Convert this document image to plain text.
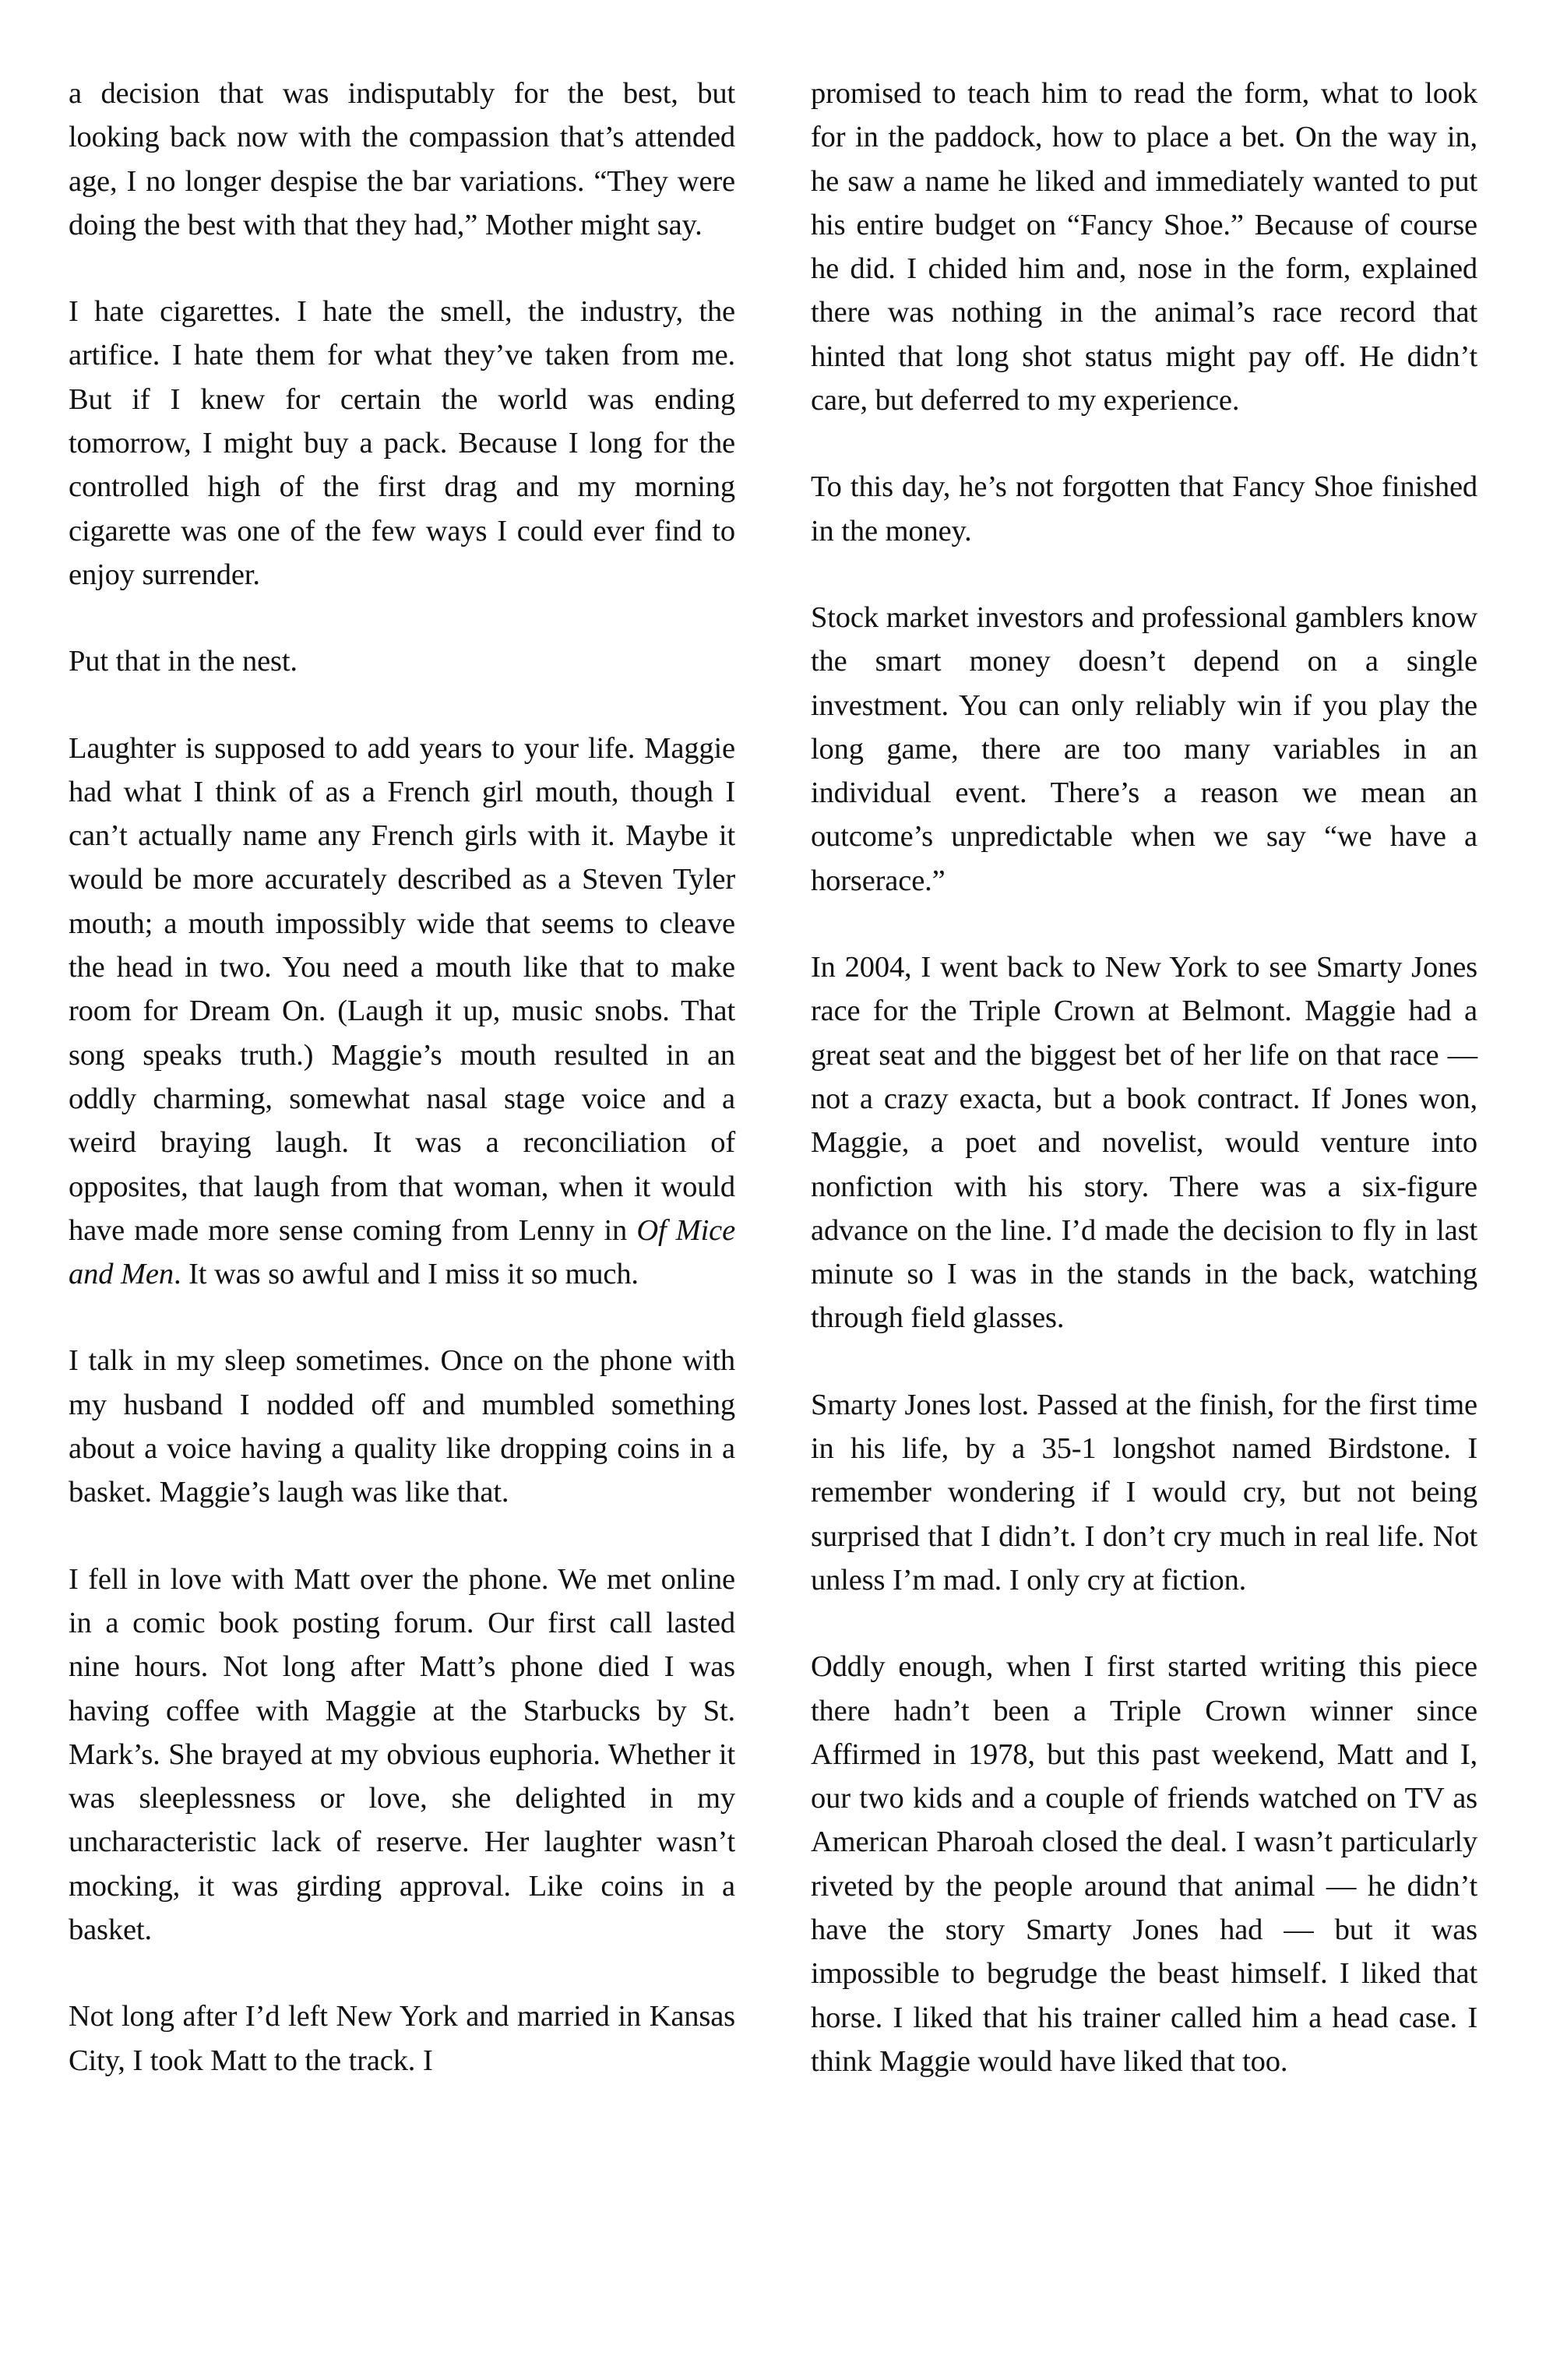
a decision that was indisputably for the best, but looking back now with the compassion that’s attended age, I no longer despise the bar variations. “They were doing the best with that they had,” Mother might say.

I hate cigarettes. I hate the smell, the industry, the artifice. I hate them for what they’ve taken from me. But if I knew for certain the world was ending tomorrow, I might buy a pack. Because I long for the controlled high of the first drag and my morning cigarette was one of the few ways I could ever find to enjoy surrender.

Put that in the nest.

Laughter is supposed to add years to your life. Maggie had what I think of as a French girl mouth, though I can’t actually name any French girls with it. Maybe it would be more accurately described as a Steven Tyler mouth; a mouth impossibly wide that seems to cleave the head in two. You need a mouth like that to make room for Dream On. (Laugh it up, music snobs. That song speaks truth.) Maggie’s mouth resulted in an oddly charming, somewhat nasal stage voice and a weird braying laugh. It was a reconciliation of opposites, that laugh from that woman, when it would have made more sense coming from Lenny in Of Mice and Men. It was so awful and I miss it so much.

I talk in my sleep sometimes. Once on the phone with my husband I nodded off and mumbled something about a voice having a quality like dropping coins in a basket. Maggie’s laugh was like that.

I fell in love with Matt over the phone. We met online in a comic book posting forum. Our first call lasted nine hours. Not long after Matt’s phone died I was having coffee with Maggie at the Starbucks by St. Mark’s. She brayed at my obvious euphoria. Whether it was sleeplessness or love, she delighted in my uncharacteristic lack of reserve. Her laughter wasn’t mocking, it was girding approval. Like coins in a basket.

Not long after I’d left New York and married in Kansas City, I took Matt to the track. I

promised to teach him to read the form, what to look for in the paddock, how to place a bet. On the way in, he saw a name he liked and immediately wanted to put his entire budget on “Fancy Shoe.” Because of course he did. I chided him and, nose in the form, explained there was nothing in the animal’s race record that hinted that long shot status might pay off. He didn’t care, but deferred to my experience.

To this day, he’s not forgotten that Fancy Shoe finished in the money.

Stock market investors and professional gamblers know the smart money doesn’t depend on a single investment. You can only reliably win if you play the long game, there are too many variables in an individual event. There’s a reason we mean an outcome’s unpredictable when we say “we have a horserace.”

In 2004, I went back to New York to see Smarty Jones race for the Triple Crown at Belmont. Maggie had a great seat and the biggest bet of her life on that race — not a crazy exacta, but a book contract. If Jones won, Maggie, a poet and novelist, would venture into nonfiction with his story. There was a six-figure advance on the line. I’d made the decision to fly in last minute so I was in the stands in the back, watching through field glasses.

Smarty Jones lost. Passed at the finish, for the first time in his life, by a 35-1 longshot named Birdstone. I remember wondering if I would cry, but not being surprised that I didn’t. I don’t cry much in real life. Not unless I’m mad. I only cry at fiction.

Oddly enough, when I first started writing this piece there hadn’t been a Triple Crown winner since Affirmed in 1978, but this past weekend, Matt and I, our two kids and a couple of friends watched on TV as American Pharoah closed the deal. I wasn’t particularly riveted by the people around that animal — he didn’t have the story Smarty Jones had — but it was impossible to begrudge the beast himself. I liked that horse. I liked that his trainer called him a head case. I think Maggie would have liked that too.
